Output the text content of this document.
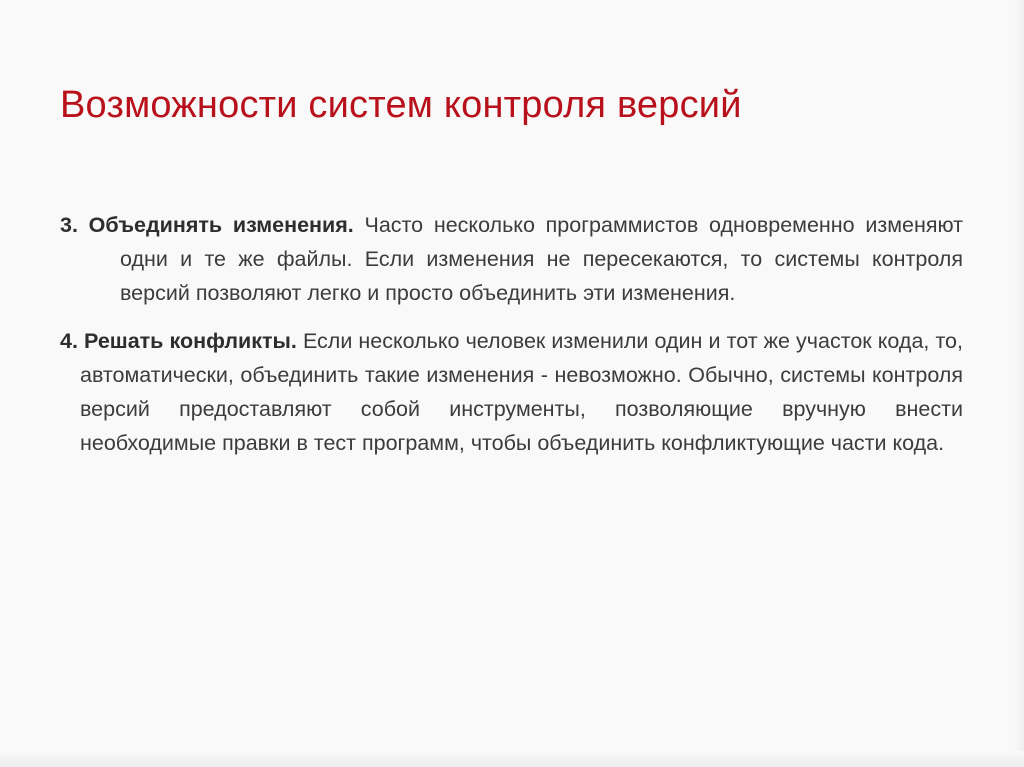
Возможности систем контроля версий

3. Объединять изменения. Часто несколько программистов одновременно изменяют одни и те же файлы. Если изменения не пересекаются, то системы контроля версий позволяют легко и просто объединить эти изменения.

4. Решать конфликты. Если несколько человек изменили один и тот же участок кода, то, автоматически, объединить такие изменения - невозможно. Обычно, системы контроля версий предоставляют собой инструменты, позволяющие вручную внести необходимые правки в тест программ, чтобы объединить конфликтующие части кода.
